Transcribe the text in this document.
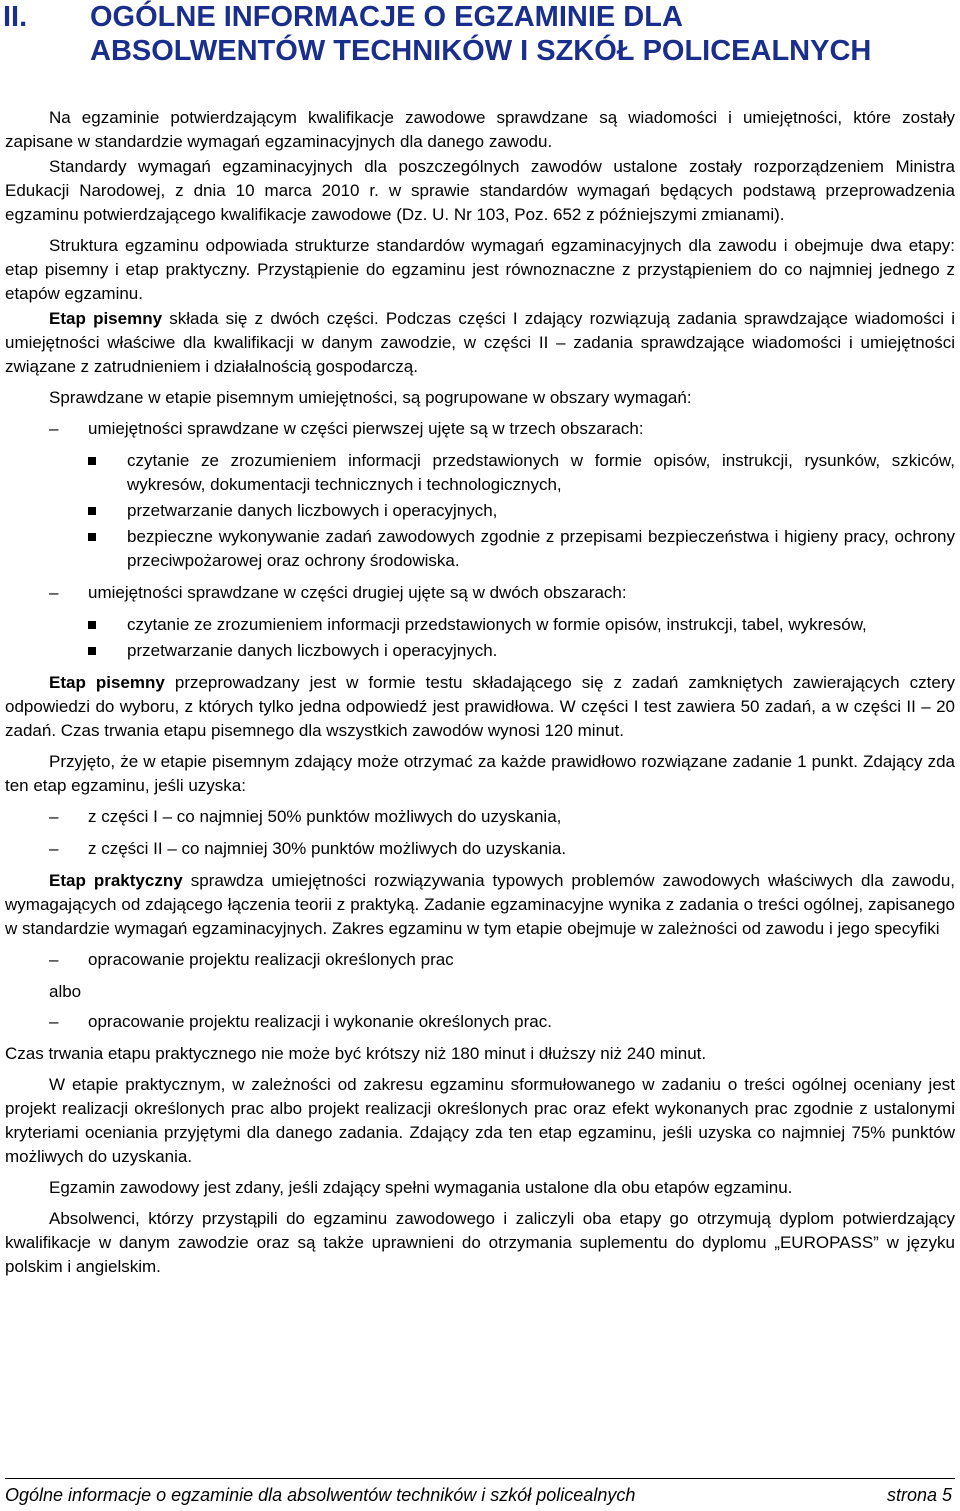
II. OGÓLNE INFORMACJE O EGZAMINIE DLA
ABSOLWENTÓW TECHNIKÓW I SZKÓŁ POLICEALNYCH

Na egzaminie potwierdzającym kwalifikacje zawodowe sprawdzane są wiadomości i umiejętności, które zostały zapisane w standardzie wymagań egzaminacyjnych dla danego zawodu.

Standardy wymagań egzaminacyjnych dla poszczególnych zawodów ustalone zostały rozporządzeniem Ministra Edukacji Narodowej, z dnia 10 marca 2010 r. w sprawie standardów wymagań będących podstawą przeprowadzenia egzaminu potwierdzającego kwalifikacje zawodowe (Dz. U. Nr 103, Poz. 652 z późniejszymi zmianami).

Struktura egzaminu odpowiada strukturze standardów wymagań egzaminacyjnych dla zawodu i obejmuje dwa etapy: etap pisemny i etap praktyczny. Przystąpienie do egzaminu jest równoznaczne z przystąpieniem do co najmniej jednego z etapów egzaminu.

Etap pisemny składa się z dwóch części. Podczas części I zdający rozwiązują zadania sprawdzające wiadomości i umiejętności właściwe dla kwalifikacji w danym zawodzie, w części II – zadania sprawdzające wiadomości i umiejętności związane z zatrudnieniem i działalnością gospodarczą.

Sprawdzane w etapie pisemnym umiejętności, są pogrupowane w obszary wymagań:

– umiejętności sprawdzane w części pierwszej ujęte są w trzech obszarach:
czytanie ze zrozumieniem informacji przedstawionych w formie opisów, instrukcji, rysunków, szkiców, wykresów, dokumentacji technicznych i technologicznych,
przetwarzanie danych liczbowych i operacyjnych,
bezpieczne wykonywanie zadań zawodowych zgodnie z przepisami bezpieczeństwa i higieny pracy, ochrony przeciwpożarowej oraz ochrony środowiska.
– umiejętności sprawdzane w części drugiej ujęte są w dwóch obszarach:
czytanie ze zrozumieniem informacji przedstawionych w formie opisów, instrukcji, tabel, wykresów,
przetwarzanie danych liczbowych i operacyjnych.

Etap pisemny przeprowadzany jest w formie testu składającego się z zadań zamkniętych zawierających cztery odpowiedzi do wyboru, z których tylko jedna odpowiedź jest prawidłowa. W części I test zawiera 50 zadań, a w części II – 20 zadań. Czas trwania etapu pisemnego dla wszystkich zawodów wynosi 120 minut.

Przyjęto, że w etapie pisemnym zdający może otrzymać za każde prawidłowo rozwiązane zadanie 1 punkt. Zdający zda ten etap egzaminu, jeśli uzyska:

– z części I – co najmniej 50% punktów możliwych do uzyskania,
– z części II – co najmniej 30% punktów możliwych do uzyskania.

Etap praktyczny sprawdza umiejętności rozwiązywania typowych problemów zawodowych właściwych dla zawodu, wymagających od zdającego łączenia teorii z praktyką. Zadanie egzaminacyjne wynika z zadania o treści ogólnej, zapisanego w standardzie wymagań egzaminacyjnych. Zakres egzaminu w tym etapie obejmuje w zależności od zawodu i jego specyfiki

– opracowanie projektu realizacji określonych prac
albo
– opracowanie projektu realizacji i wykonanie określonych prac.

Czas trwania etapu praktycznego nie może być krótszy niż 180 minut i dłuższy niż 240 minut.

W etapie praktycznym, w zależności od zakresu egzaminu sformułowanego w zadaniu o treści ogólnej oceniany jest projekt realizacji określonych prac albo projekt realizacji określonych prac oraz efekt wykonanych prac zgodnie z ustalonymi kryteriami oceniania przyjętymi dla danego zadania. Zdający zda ten etap egzaminu, jeśli uzyska co najmniej 75% punktów możliwych do uzyskania.

Egzamin zawodowy jest zdany, jeśli zdający spełni wymagania ustalone dla obu etapów egzaminu.

Absolwenci, którzy przystąpili do egzaminu zawodowego i zaliczyli oba etapy go otrzymują dyplom potwierdzający kwalifikacje w danym zawodzie oraz są także uprawnieni do otrzymania suplementu do dyplomu „EUROPASS” w języku polskim i angielskim.

Ogólne informacje o egzaminie dla absolwentów techników i szkół policealnych	strona 5
